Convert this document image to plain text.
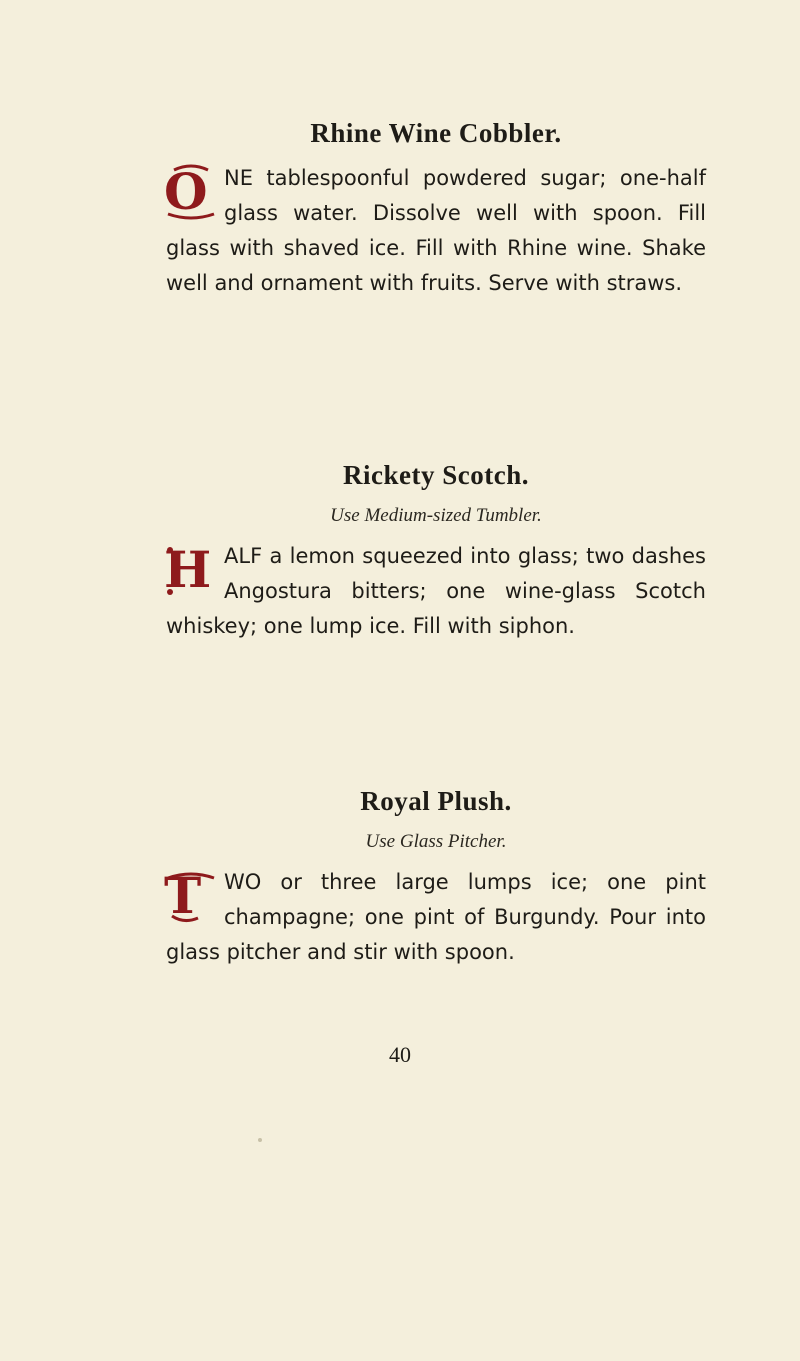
Rhine Wine Cobbler.

O NE tablespoonful powdered sugar; one-half glass water. Dissolve well with spoon. Fill glass with shaved ice. Fill with Rhine wine. Shake well and ornament with fruits. Serve with straws.

Rickety Scotch.

Use Medium-sized Tumbler.

H ALF a lemon squeezed into glass; two dashes Angostura bitters; one wine-glass Scotch whiskey; one lump ice. Fill with siphon.

Royal Plush.

Use Glass Pitcher.

T	WO or three large lumps ice; one pint champagne; one pint of Burgundy. Pour into glass pitcher and stir with spoon.

40
